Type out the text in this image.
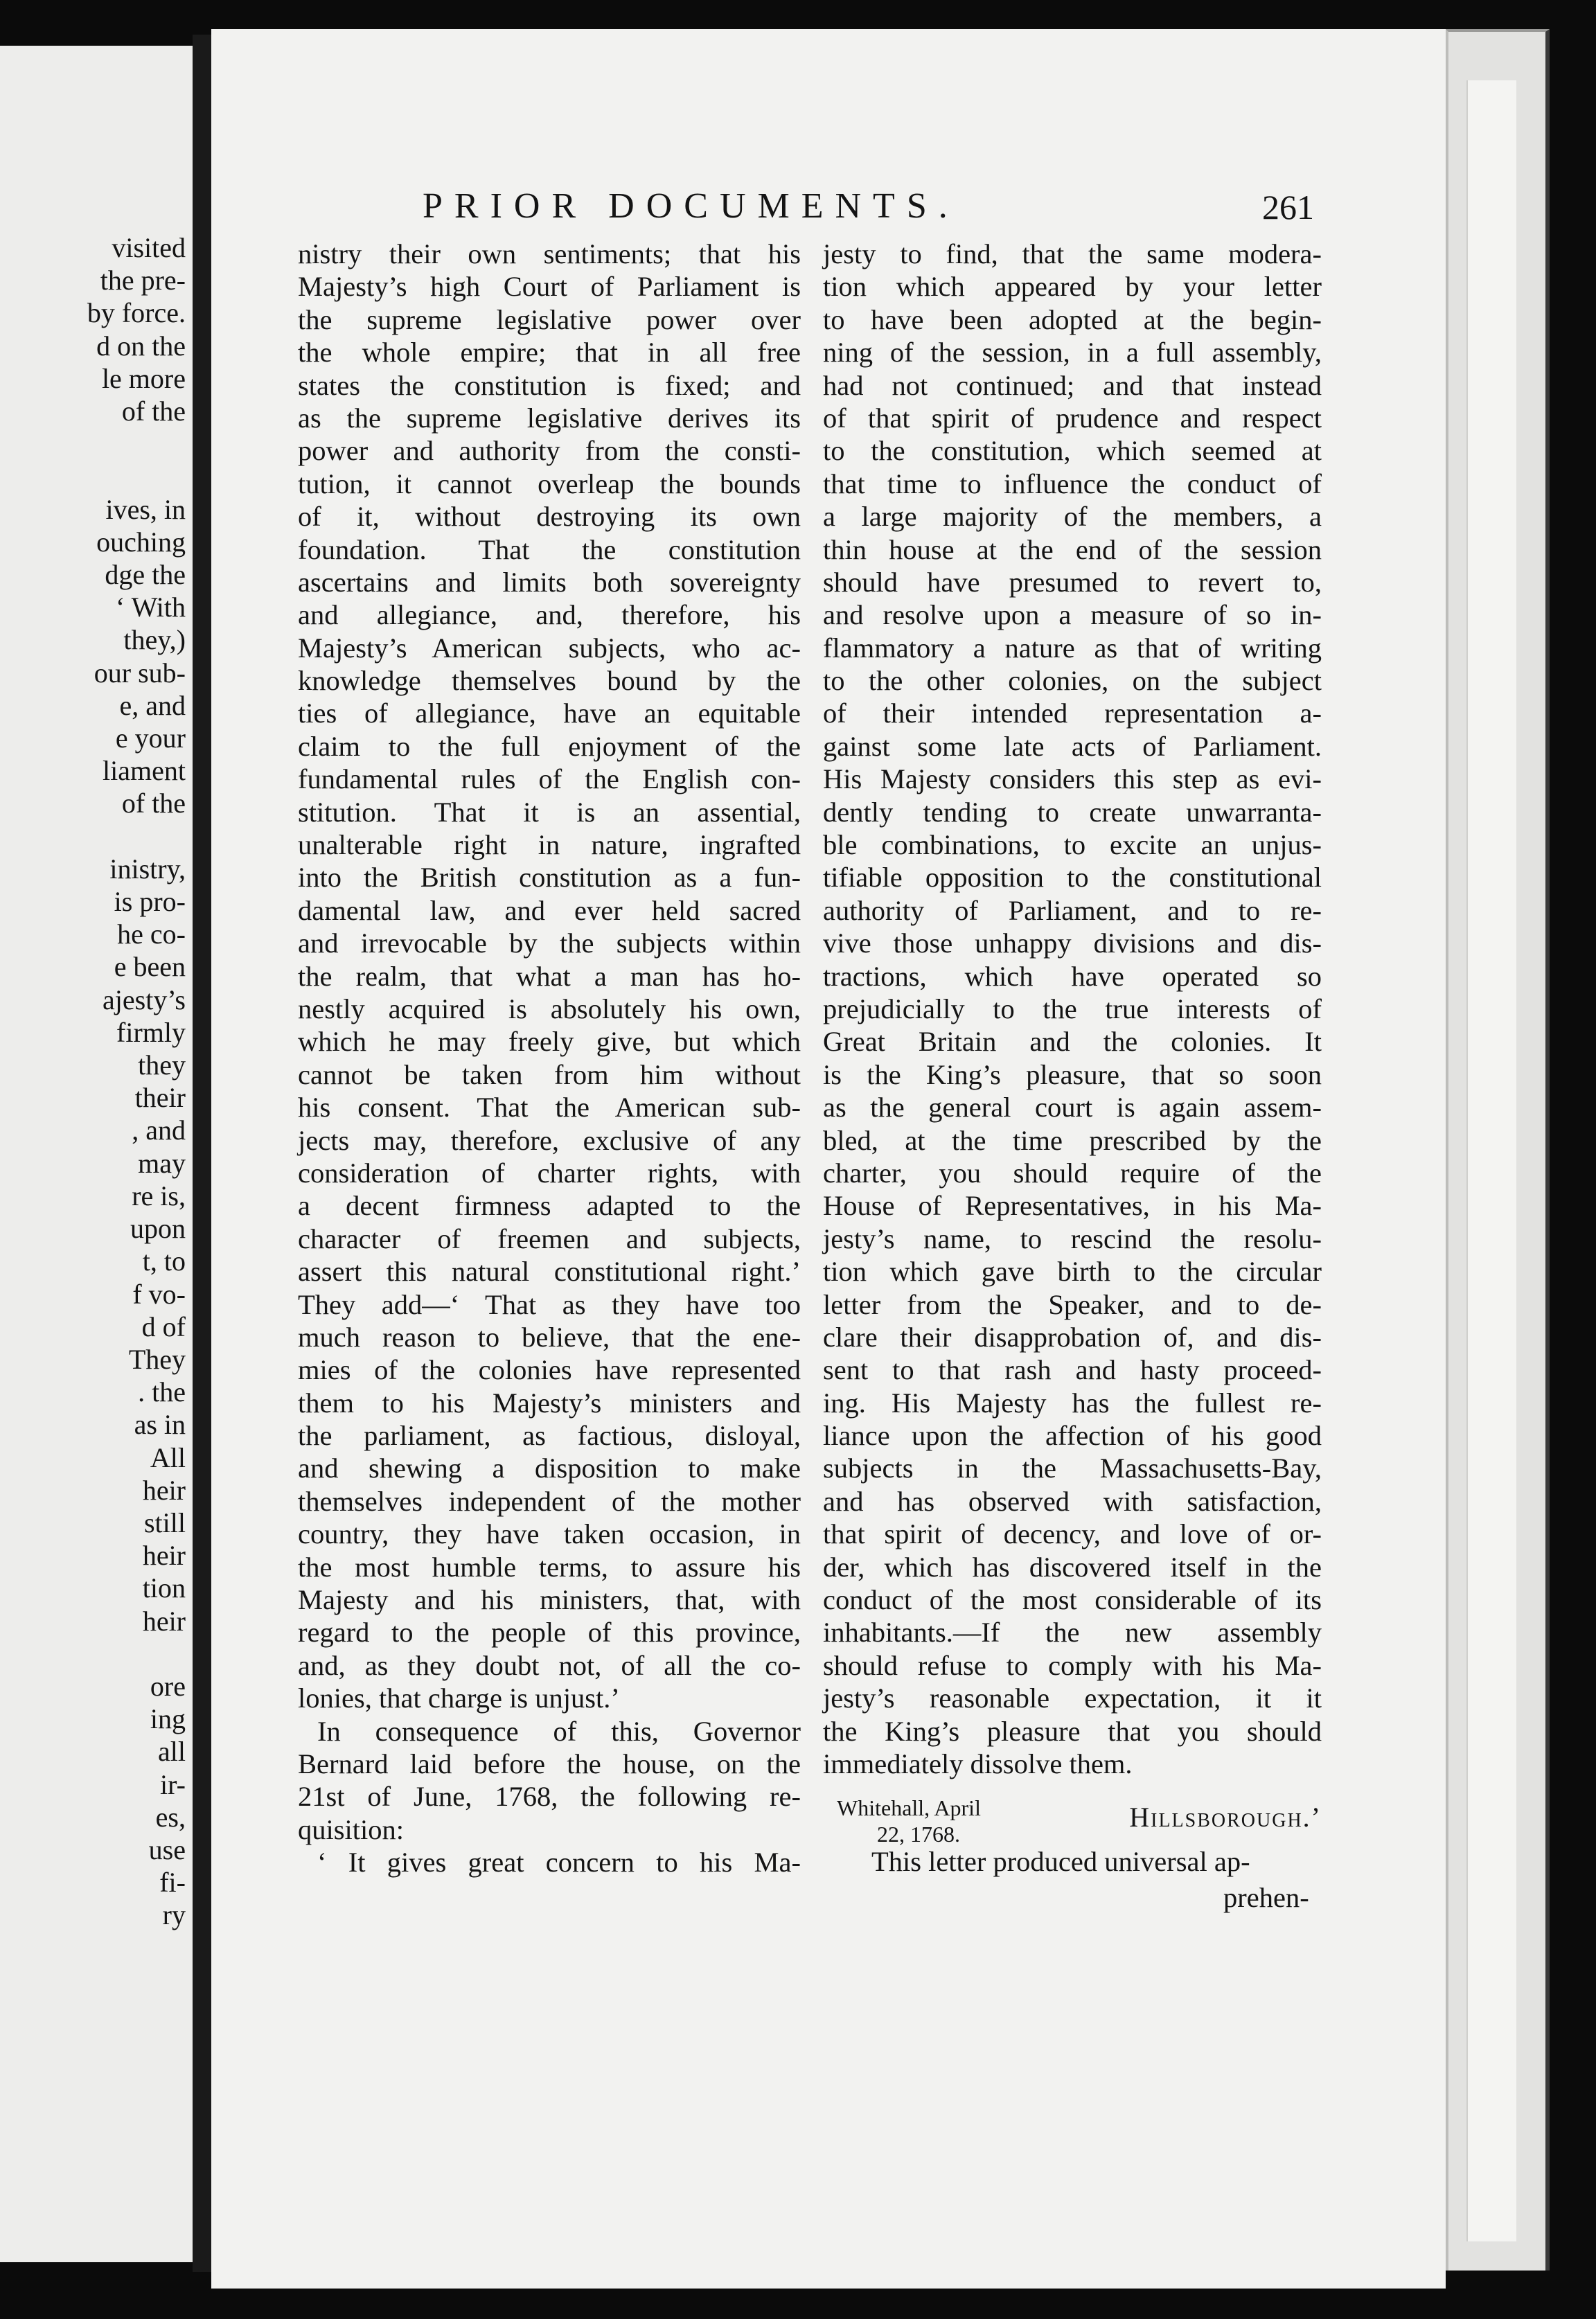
visited
the pre-
by force.
d on the
le more
of the

ives, in
ouching
dge the
‘ With
they,)
our sub-
e, and
e your
liament
of the

inistry,
is pro-
he co-
e been
ajesty’s
firmly
they
their
, and
may
re is,
upon
t, to
f vo-
d of
They
. the
as in
All
heir
still
heir
tion
heir

ore
ing
all
ir-
es,
use
fi-
ry
PRIOR DOCUMENTS.	261
nistry their own sentiments; that his
Majesty’s high Court of Parliament is
the supreme legislative power over
the whole empire; that in all free
states the constitution is fixed; and
as the supreme legislative derives its
power and authority from the consti-
tution, it cannot overleap the bounds
of it, without destroying its own
foundation. That the constitution
ascertains and limits both sovereignty
and allegiance, and, therefore, his
Majesty’s American subjects, who ac-
knowledge themselves bound by the
ties of allegiance, have an equitable
claim to the full enjoyment of the
fundamental rules of the English con-
stitution. That it is an assential,
unalterable right in nature, ingrafted
into the British constitution as a fun-
damental law, and ever held sacred
and irrevocable by the subjects within
the realm, that what a man has ho-
nestly acquired is absolutely his own,
which he may freely give, but which
cannot be taken from him without
his consent. That the American sub-
jects may, therefore, exclusive of any
consideration of charter rights, with
a decent firmness adapted to the
character of freemen and subjects,
assert this natural constitutional right.’
They add—‘ That as they have too
much reason to believe, that the ene-
mies of the colonies have represented
them to his Majesty’s ministers and
the parliament, as factious, disloyal,
and shewing a disposition to make
themselves independent of the mother
country, they have taken occasion, in
the most humble terms, to assure his
Majesty and his ministers, that, with
regard to the people of this province,
and, as they doubt not, of all the co-
lonies, that charge is unjust.’
In consequence of this, Governor
Bernard laid before the house, on the
21st of June, 1768, the following re-
quisition:
‘ It gives great concern to his Ma-
jesty to find, that the same modera-
tion which appeared by your letter
to have been adopted at the begin-
ning of the session, in a full assembly,
had not continued; and that instead
of that spirit of prudence and respect
to the constitution, which seemed at
that time to influence the conduct of
a large majority of the members, a
thin house at the end of the session
should have presumed to revert to,
and resolve upon a measure of so in-
flammatory a nature as that of writing
to the other colonies, on the subject
of their intended representation a-
gainst some late acts of Parliament.
His Majesty considers this step as evi-
dently tending to create unwarranta-
ble combinations, to excite an unjus-
tifiable opposition to the constitutional
authority of Parliament, and to re-
vive those unhappy divisions and dis-
tractions, which have operated so
prejudicially to the true interests of
Great Britain and the colonies. It
is the King’s pleasure, that so soon
as the general court is again assem-
bled, at the time prescribed by the
charter, you should require of the
House of Representatives, in his Ma-
jesty’s name, to rescind the resolu-
tion which gave birth to the circular
letter from the Speaker, and to de-
clare their disapprobation of, and dis-
sent to that rash and hasty proceed-
ing. His Majesty has the fullest re-
liance upon the affection of his good
subjects in the Massachusetts-Bay,
and has observed with satisfaction,
that spirit of decency, and love of or-
der, which has discovered itself in the
conduct of the most considerable of its
inhabitants.—If the new assembly
should refuse to comply with his Ma-
jesty’s reasonable expectation, it it
the King’s pleasure that you should
immediately dissolve them.
Whitehall, April
22, 1768.
Hillsborough.’
This letter produced universal ap-
prehen-
